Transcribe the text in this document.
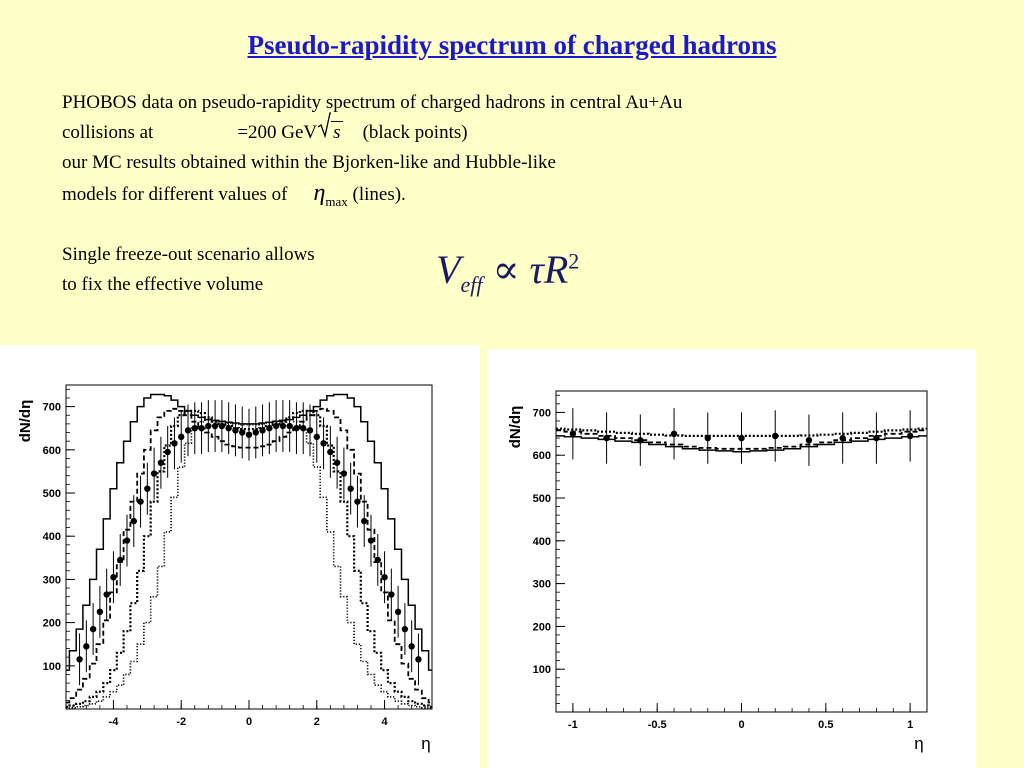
Pseudo-rapidity spectrum of charged hadrons
PHOBOS data on pseudo-rapidity spectrum of charged hadrons in central Au+Au
collisions at	=200 GeV s (black points)
our MC results obtained within the Bjorken-like and Hubble-like
models for different values of $\eta_{max}$ (lines).
Single freeze-out scenario allows
to fix the effective volume	$V_{eff} \propto \tau R^2$
100
200
300
400
500
600
700
-4	-2	0	2	4
dN/dη
η
100
200
300
400
500
600
700
-1	-0.5	0	0.5	1
dN/dη
η
